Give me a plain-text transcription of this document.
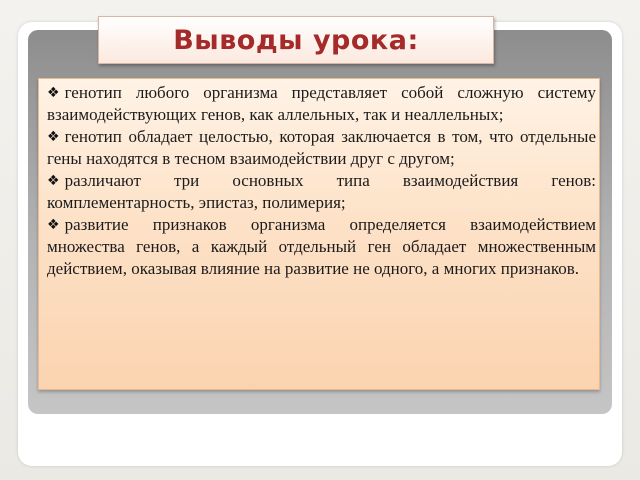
❖ генотип любого организма представляет собой сложную систему взаимодействующих генов, как аллельных, так и неаллельных;

❖ генотип обладает целостью, которая заключается в том, что отдельные гены находятся в тесном взаимодействии друг с другом;

❖ различают три основных типа взаимодействия генов: комплементарность, эпистаз, полимерия;

❖ развитие признаков организма определяется взаимодействием множества генов, а каждый отдельный ген обладает множественным действием, оказывая влияние на развитие не одного, а многих признаков.

Выводы урока:
